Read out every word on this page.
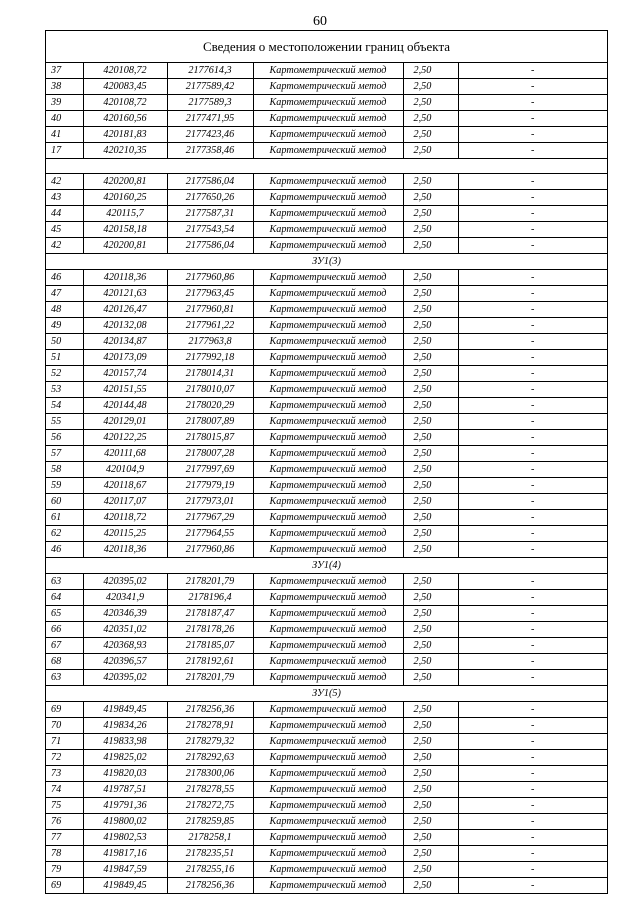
60
Сведения о местоположении границ объекта
37	420108,72	2177614,3	Картометрический метод	2,50	-
38	420083,45	2177589,42	Картометрический метод	2,50	-
39	420108,72	2177589,3	Картометрический метод	2,50	-
40	420160,56	2177471,95	Картометрический метод	2,50	-
41	420181,83	2177423,46	Картометрический метод	2,50	-
17	420210,35	2177358,46	Картометрический метод	2,50	-

42	420200,81	2177586,04	Картометрический метод	2,50	-
43	420160,25	2177650,26	Картометрический метод	2,50	-
44	420115,7	2177587,31	Картометрический метод	2,50	-
45	420158,18	2177543,54	Картометрический метод	2,50	-
42	420200,81	2177586,04	Картометрический метод	2,50	-
ЗУ1(3)					
46	420118,36	2177960,86	Картометрический метод	2,50	-
47	420121,63	2177963,45	Картометрический метод	2,50	-
48	420126,47	2177960,81	Картометрический метод	2,50	-
49	420132,08	2177961,22	Картометрический метод	2,50	-
50	420134,87	2177963,8	Картометрический метод	2,50	-
51	420173,09	2177992,18	Картометрический метод	2,50	-
52	420157,74	2178014,31	Картометрический метод	2,50	-
53	420151,55	2178010,07	Картометрический метод	2,50	-
54	420144,48	2178020,29	Картометрический метод	2,50	-
55	420129,01	2178007,89	Картометрический метод	2,50	-
56	420122,25	2178015,87	Картометрический метод	2,50	-
57	420111,68	2178007,28	Картометрический метод	2,50	-
58	420104,9	2177997,69	Картометрический метод	2,50	-
59	420118,67	2177979,19	Картометрический метод	2,50	-
60	420117,07	2177973,01	Картометрический метод	2,50	-
61	420118,72	2177967,29	Картометрический метод	2,50	-
62	420115,25	2177964,55	Картометрический метод	2,50	-
46	420118,36	2177960,86	Картометрический метод	2,50	-
ЗУ1(4)					
63	420395,02	2178201,79	Картометрический метод	2,50	-
64	420341,9	2178196,4	Картометрический метод	2,50	-
65	420346,39	2178187,47	Картометрический метод	2,50	-
66	420351,02	2178178,26	Картометрический метод	2,50	-
67	420368,93	2178185,07	Картометрический метод	2,50	-
68	420396,57	2178192,61	Картометрический метод	2,50	-
63	420395,02	2178201,79	Картометрический метод	2,50	-
ЗУ1(5)					
69	419849,45	2178256,36	Картометрический метод	2,50	-
70	419834,26	2178278,91	Картометрический метод	2,50	-
71	419833,98	2178279,32	Картометрический метод	2,50	-
72	419825,02	2178292,63	Картометрический метод	2,50	-
73	419820,03	2178300,06	Картометрический метод	2,50	-
74	419787,51	2178278,55	Картометрический метод	2,50	-
75	419791,36	2178272,75	Картометрический метод	2,50	-
76	419800,02	2178259,85	Картометрический метод	2,50	-
77	419802,53	2178258,1	Картометрический метод	2,50	-
78	419817,16	2178235,51	Картометрический метод	2,50	-
79	419847,59	2178255,16	Картометрический метод	2,50	-
69	419849,45	2178256,36	Картометрический метод	2,50	-
